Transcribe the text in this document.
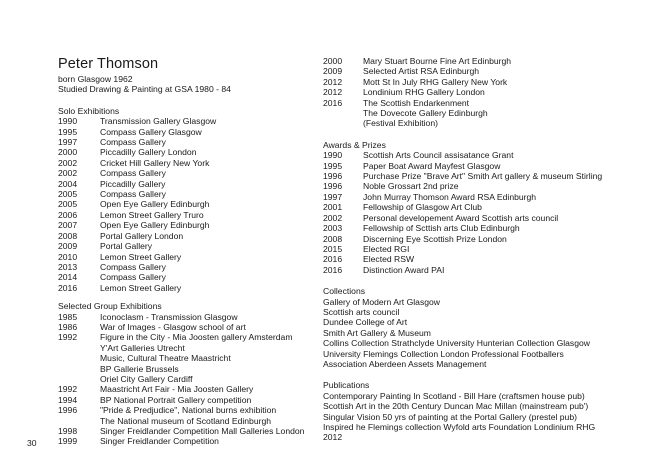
Peter Thomson
born Glasgow 1962
Studied Drawing & Painting at GSA 1980 - 84
Solo Exhibitions
1990	Transmission Gallery Glasgow
1995	Compass Gallery Glasgow
1997	Compass Gallery
2000	Piccadilly Gallery London
2002	Cricket Hill Gallery New York
2002	Compass Gallery
2004	Piccadilly Gallery
2005	Compass Gallery
2005	Open Eye Gallery Edinburgh
2006	Lemon Street Gallery Truro
2007	Open Eye Gallery Edinburgh
2008	Portal Gallery London
2009	Portal Gallery
2010	Lemon Street Gallery
2013	Compass Gallery
2014	Compass Gallery
2016	Lemon Street Gallery
Selected Group Exhibitions
1985	Iconoclasm - Transmission Glasgow
1986	War of Images - Glasgow school of art
1992	Figure in the City - Mia Joosten gallery Amsterdam
Y'Art Galleries Utrecht
Music, Cultural Theatre Maastricht
BP Gallerie Brussels
Oriel City Gallery Cardiff
1992	Maastricht Art Fair - Mia Joosten Gallery
1994	BP National Portrait Gallery competition
1996	"Pride & Predjudice", National burns exhibition
The National museum of Scotland Edinburgh
1998	Singer Freidlander Competition Mall Galleries London
1999	Singer Freidlander Competition
2000	Mary Stuart Bourne Fine Art Edinburgh
2009	Selected Artist RSA Edinburgh
2012	Mott St In July RHG Gallery New York
2012	Londinium RHG Gallery London
2016	The Scottish Endarkenment
The Dovecote Gallery Edinburgh
(Festival Exhibition)
Awards & Prizes
1990	Scottish Arts Council assisatance Grant
1995	Paper Boat Award Mayfest Glasgow
1996	Purchase Prize "Brave Art" Smith Art gallery & museum Stirling
1996	Noble Grossart 2nd prize
1997	John Murray Thomson Award RSA Edinburgh
2001	Fellowship of Glasgow Art Club
2002	Personal developement Award Scottish arts council
2003	Fellowship of Scttish arts Club Edinburgh
2008	Discerning Eye Scottish Prize London
2015	Elected RGI
2016	Elected RSW
2016	Distinction Award PAI
Collections
Gallery of Modern Art Glasgow
Scottish arts council
Dundee College of Art
Smith Art Gallery & Museum
Collins Collection Strathclyde University Hunterian Collection Glasgow University Flemings Collection London Professional Footballers Association Aberdeen Assets Management
Publications
Contemporary Painting In Scotland - Bill Hare (craftsmen house pub) Scottish Art in the 20th Century Duncan Mac Millan (mainstream pub') Singular Vision 50 yrs of painting at the Portal Gallery (prestel pub) Inspired he Flemings collection Wyfold arts Foundation Londinium RHG 2012
30
